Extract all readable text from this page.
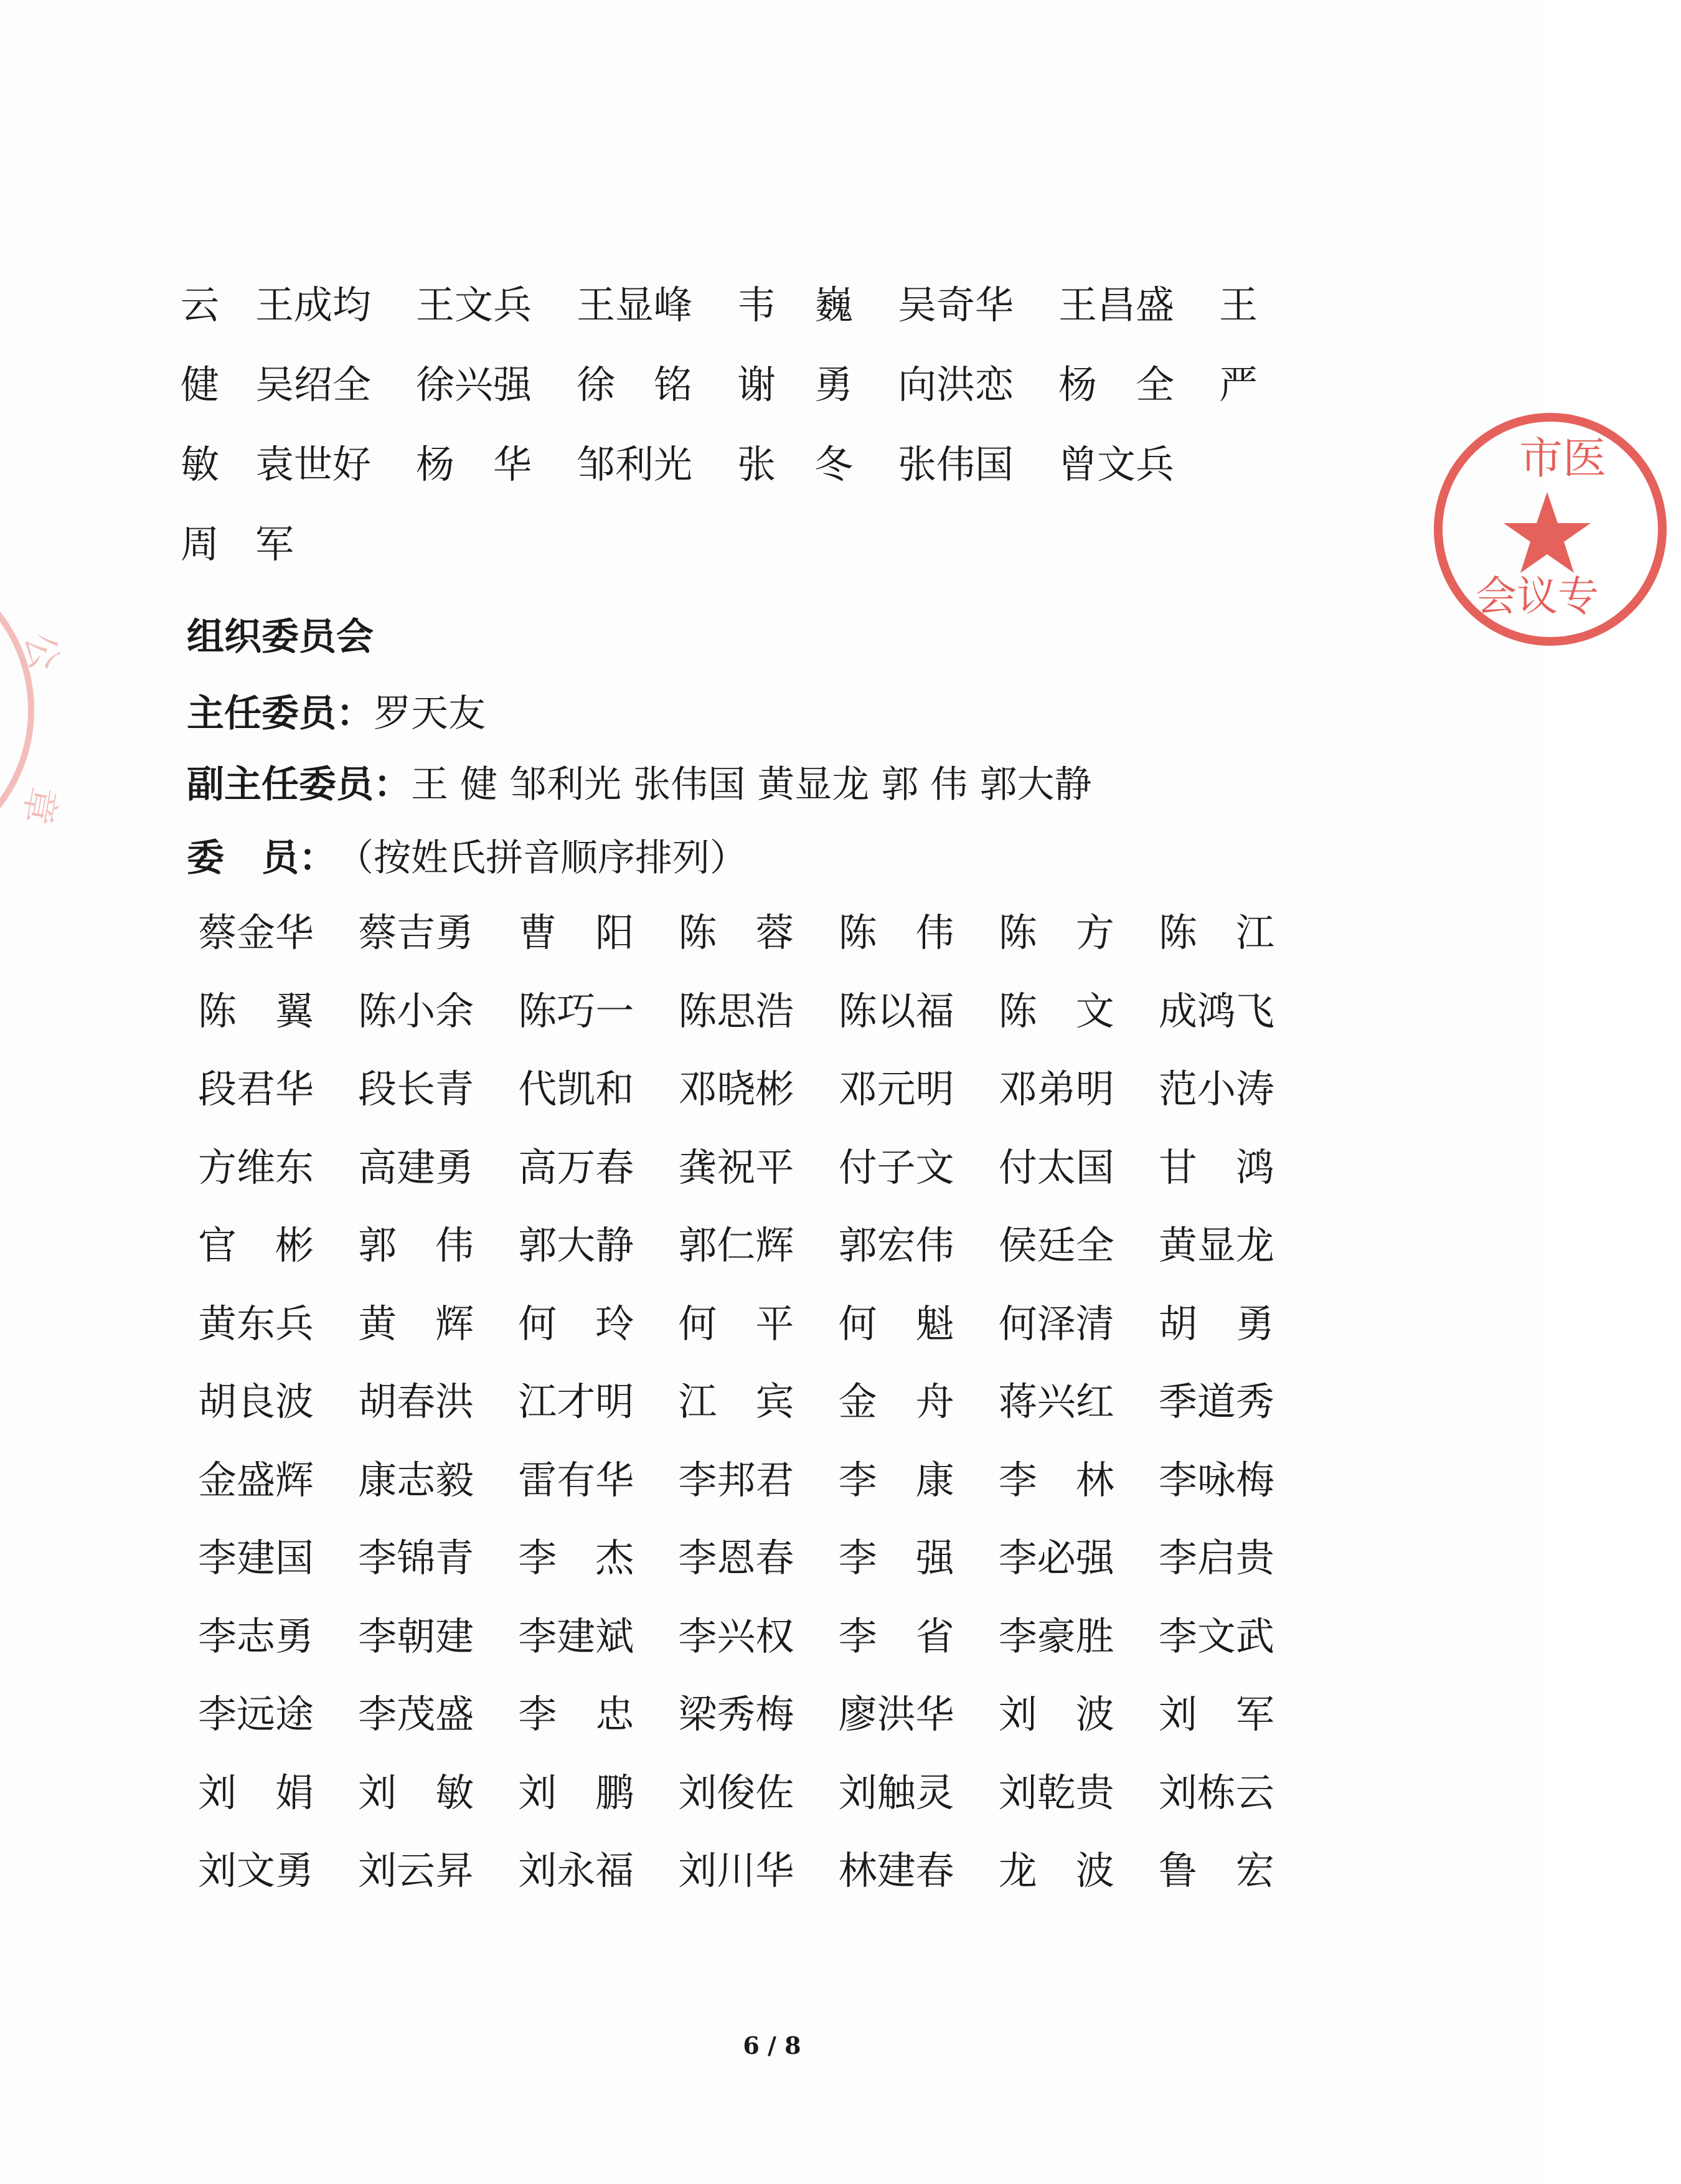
云 王成均	王文兵	王显峰	韦　巍	吴奇华	王昌盛	王
健 吴绍全	徐兴强	徐　铭	谢　勇	向洪恋	杨　全	严
敏 袁世好	杨　华	邹利光	张　冬	张伟国	曾文兵
周 军
组织委员会
主任委员： 罗天友
副主任委员： 王 健 邹利光 张伟国 黄显龙 郭 伟 郭大静
委　员： （按姓氏拼音顺序排列）
蔡金华	蔡吉勇	曹　阳	陈　蓉	陈　伟	陈　方	陈　江
陈　翼	陈小余	陈巧一	陈思浩	陈以福	陈　文	成鸿飞
段君华	段长青	代凯和	邓晓彬	邓元明	邓弟明	范小涛
方维东	高建勇	高万春	龚祝平	付子文	付太国	甘　鸿
官　彬	郭　伟	郭大静	郭仁辉	郭宏伟	侯廷全	黄显龙
黄东兵	黄　辉	何　玲	何　平	何　魁	何泽清	胡　勇
胡良波	胡春洪	江才明	江　宾	金　舟	蒋兴红	季道秀
金盛辉	康志毅	雷有华	李邦君	李　康	李　林	李咏梅
李建国	李锦青	李　杰	李恩春	李　强	李必强	李启贵
李志勇	李朝建	李建斌	李兴权	李　省	李豪胜	李文武
李远途	李茂盛	李　忠	梁秀梅	廖洪华	刘　波	刘　军
刘　娟	刘　敏	刘　鹏	刘俊佐	刘触灵	刘乾贵	刘栋云
刘文勇	刘云昇	刘永福	刘川华	林建春	龙　波	鲁　宏
6 / 8
市医
会议专
公
章
